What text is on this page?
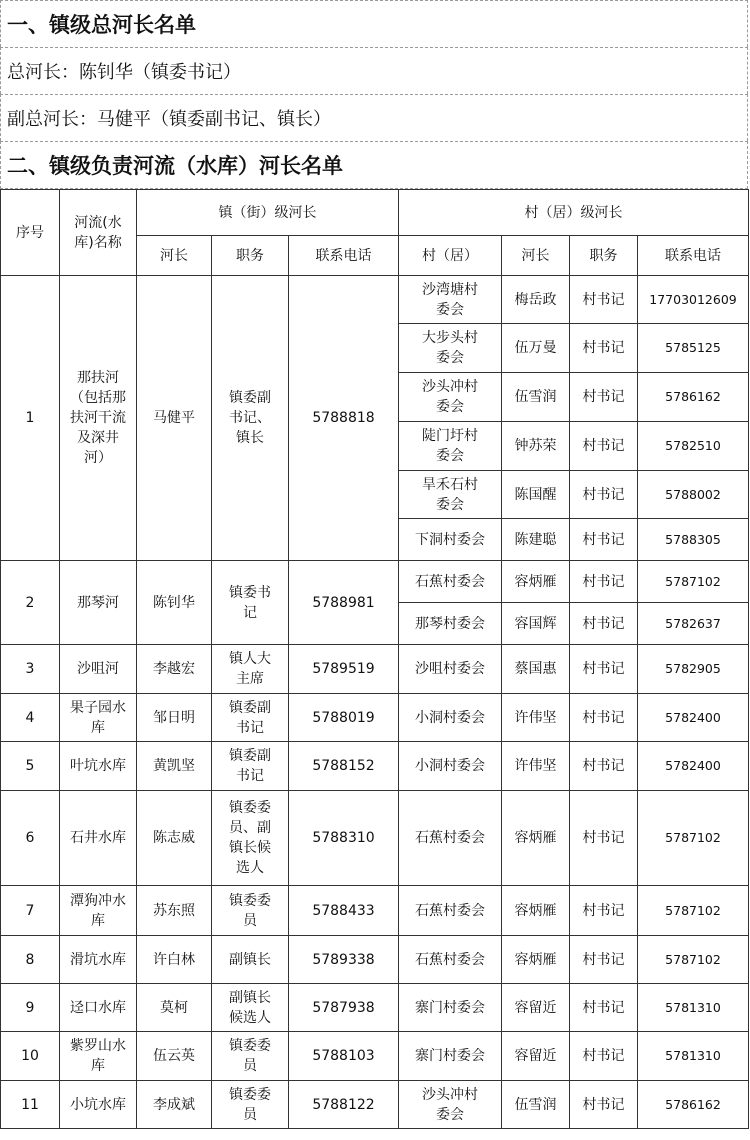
一、镇级总河长名单
总河长：陈钊华（镇委书记）
副总河长：马健平（镇委副书记、镇长）
二、镇级负责河流（水库）河长名单
序号	河流(水库)名称	镇（街）级河长			村（居）级河长			
		河长	职务	联系电话	村（居）	河长	职务	联系电话
1	那扶河（包括那扶河干流及深井河）	马健平	镇委副书记、镇长	5788818	沙湾塘村委会	梅岳政	村书记	17703012609
					大步头村委会	伍万曼	村书记	5785125
					沙头冲村委会	伍雪润	村书记	5786162
					陡门圩村委会	钟苏荣	村书记	5782510
					旱禾石村委会	陈国醒	村书记	5788002
					下洞村委会	陈建聪	村书记	5788305
2	那琴河	陈钊华	镇委书记	5788981	石蕉村委会	容炳雁	村书记	5787102
					那琴村委会	容国辉	村书记	5782637
3	沙咀河	李越宏	镇人大主席	5789519	沙咀村委会	蔡国惠	村书记	5782905
4	果子园水库	邹日明	镇委副书记	5788019	小洞村委会	许伟坚	村书记	5782400
5	叶坑水库	黄凯坚	镇委副书记	5788152	小洞村委会	许伟坚	村书记	5782400
6	石井水库	陈志威	镇委委员、副镇长候选人	5788310	石蕉村委会	容炳雁	村书记	5787102
7	潭狗冲水库	苏东照	镇委委员	5788433	石蕉村委会	容炳雁	村书记	5787102
8	滑坑水库	许白林	副镇长	5789338	石蕉村委会	容炳雁	村书记	5787102
9	迳口水库	莫柯	副镇长候选人	5787938	寨门村委会	容留近	村书记	5781310
10	紫罗山水库	伍云英	镇委委员	5788103	寨门村委会	容留近	村书记	5781310
11	小坑水库	李成斌	镇委委员	5788122	沙头冲村委会	伍雪润	村书记	5786162
